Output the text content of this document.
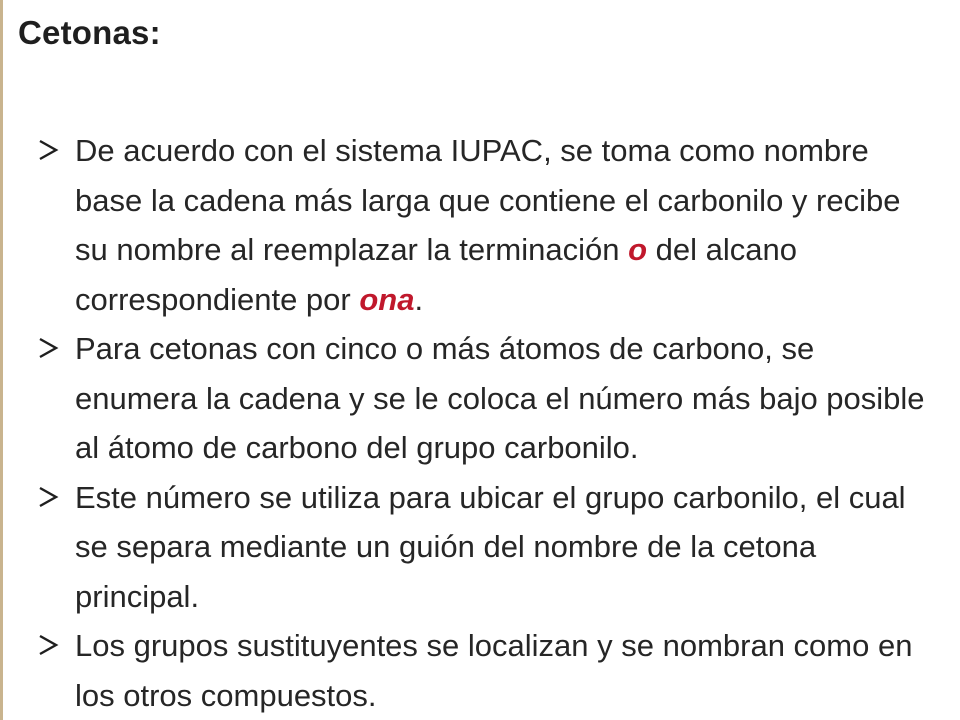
Cetonas:
De acuerdo con el sistema IUPAC, se toma como nombre base la cadena más larga que contiene el carbonilo y recibe su nombre al reemplazar la terminación o del alcano correspondiente por ona.
Para cetonas con cinco o más átomos de carbono, se enumera la cadena y se le coloca el número más bajo posible al átomo de carbono del grupo carbonilo.
Este número se utiliza para ubicar el grupo carbonilo, el cual se separa mediante un guión del nombre de la cetona principal.
Los grupos sustituyentes se localizan y se nombran como en los otros compuestos.
